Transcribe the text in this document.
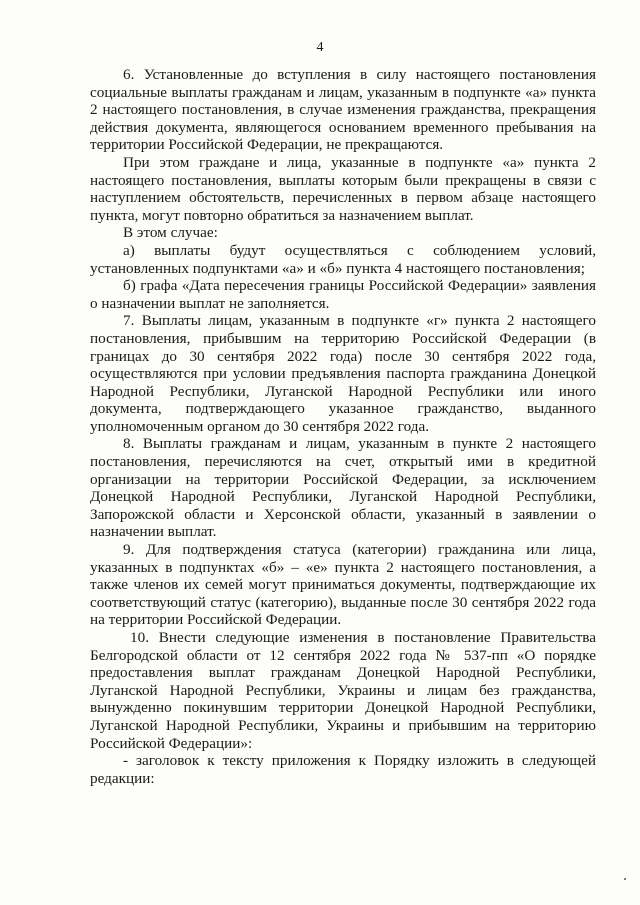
4

6. Установленные до вступления в силу настоящего постановления социальные выплаты гражданам и лицам, указанным в подпункте «а» пункта 2 настоящего постановления, в случае изменения гражданства, прекращения действия документа, являющегося основанием временного пребывания на территории Российской Федерации, не прекращаются.

При этом граждане и лица, указанные в подпункте «а» пункта 2 настоящего постановления, выплаты которым были прекращены в связи с наступлением обстоятельств, перечисленных в первом абзаце настоящего пункта, могут повторно обратиться за назначением выплат.

В этом случае:

а) выплаты будут осуществляться с соблюдением условий, установленных подпунктами «а» и «б» пункта 4 настоящего постановления;

б) графа «Дата пересечения границы Российской Федерации» заявления о назначении выплат не заполняется.

7. Выплаты лицам, указанным в подпункте «г» пункта 2 настоящего постановления, прибывшим на территорию Российской Федерации (в границах до 30 сентября 2022 года) после 30 сентября 2022 года, осуществляются при условии предъявления паспорта гражданина Донецкой Народной Республики, Луганской Народной Республики или иного документа, подтверждающего указанное гражданство, выданного уполномоченным органом до 30 сентября 2022 года.

8. Выплаты гражданам и лицам, указанным в пункте 2 настоящего постановления, перечисляются на счет, открытый ими в кредитной организации на территории Российской Федерации, за исключением Донецкой Народной Республики, Луганской Народной Республики, Запорожской области и Херсонской области, указанный в заявлении о назначении выплат.

9. Для подтверждения статуса (категории) гражданина или лица, указанных в подпунктах «б» – «е» пункта 2 настоящего постановления, а также членов их семей могут приниматься документы, подтверждающие их соответствующий статус (категорию), выданные после 30 сентября 2022 года на территории Российской Федерации.

10. Внести следующие изменения в постановление Правительства Белгородской области от 12 сентября 2022 года № 537-пп «О порядке предоставления выплат гражданам Донецкой Народной Республики, Луганской Народной Республики, Украины и лицам без гражданства, вынужденно покинувшим территории Донецкой Народной Республики, Луганской Народной Республики, Украины и прибывшим на территорию Российской Федерации»:

- заголовок к тексту приложения к Порядку изложить в следующей редакции:
